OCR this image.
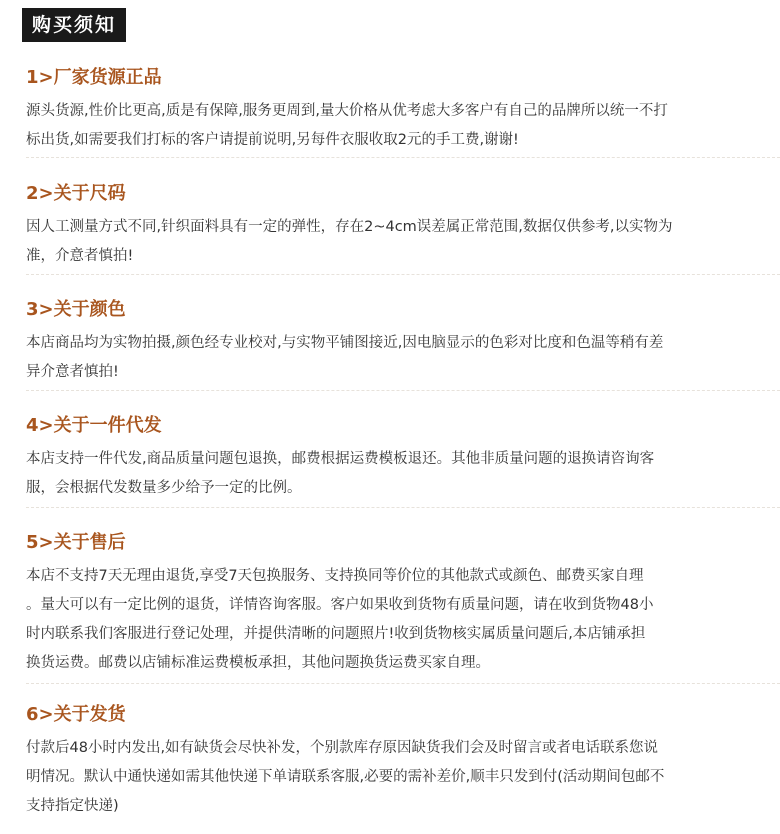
购买须知
1>厂家货源正品
源头货源,性价比更高,质是有保障,服务更周到,量大价格从优考虑大多客户有自己的品牌所以统一不打
标出货,如需要我们打标的客户请提前说明,另每件衣服收取2元的手工费,谢谢!
2>关于尺码
因人工测量方式不同,针织面料具有一定的弹性，存在2~4cm误差属正常范围,数据仅供参考,以实物为
准，介意者慎拍!
3>关于颜色
本店商品均为实物拍摄,颜色经专业校对,与实物平铺图接近,因电脑显示的色彩对比度和色温等稍有差
异介意者慎拍!
4>关于一件代发
本店支持一件代发,商品质量问题包退换，邮费根据运费模板退还。其他非质量问题的退换请咨询客
服，会根据代发数量多少给予一定的比例。
5>关于售后
本店不支持7天无理由退货,享受7天包换服务、支持换同等价位的其他款式或颜色、邮费买家自理
。量大可以有一定比例的退货，详情咨询客服。客户如果收到货物有质量问题，请在收到货物48小
时内联系我们客服进行登记处理，并提供清晰的问题照片!收到货物核实属质量问题后,本店铺承担
换货运费。邮费以店铺标准运费模板承担，其他问题换货运费买家自理。
6>关于发货
付款后48小时内发出,如有缺货会尽快补发，个别款库存原因缺货我们会及时留言或者电话联系您说
明情况。默认中通快递如需其他快递下单请联系客服,必要的需补差价,顺丰只发到付(活动期间包邮不
支持指定快递)
